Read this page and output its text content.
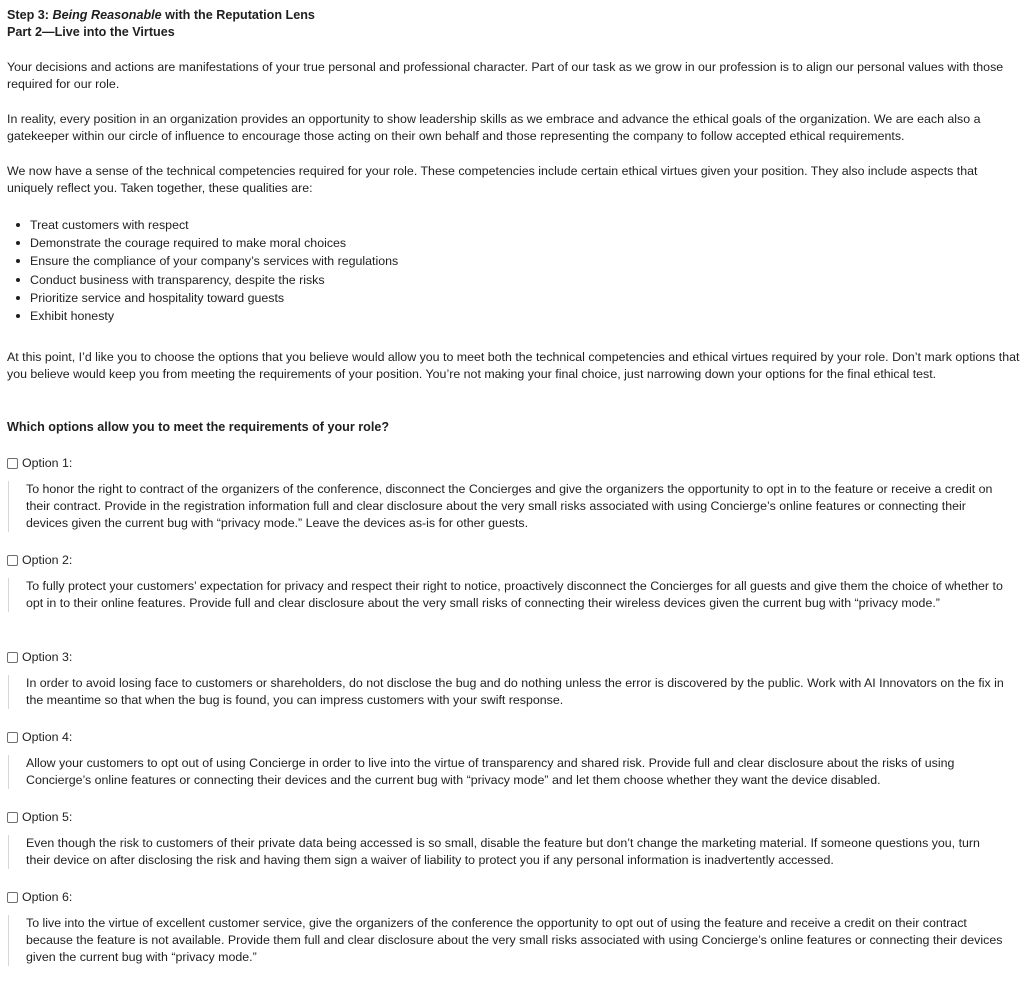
Step 3: Being Reasonable with the Reputation Lens
Part 2—Live into the Virtues

Your decisions and actions are manifestations of your true personal and professional character. Part of our task as we grow in our profession is to align our personal values with those required for our role.

In reality, every position in an organization provides an opportunity to show leadership skills as we embrace and advance the ethical goals of the organization. We are each also a gatekeeper within our circle of influence to encourage those acting on their own behalf and those representing the company to follow accepted ethical requirements.

We now have a sense of the technical competencies required for your role. These competencies include certain ethical virtues given your position. They also include aspects that uniquely reflect you. Taken together, these qualities are:

Treat customers with respect
Demonstrate the courage required to make moral choices
Ensure the compliance of your company’s services with regulations
Conduct business with transparency, despite the risks
Prioritize service and hospitality toward guests
Exhibit honesty

At this point, I’d like you to choose the options that you believe would allow you to meet both the technical competencies and ethical virtues required by your role. Don’t mark options that you believe would keep you from meeting the requirements of your position. You’re not making your final choice, just narrowing down your options for the final ethical test.

Which options allow you to meet the requirements of your role?
Option 1:
To honor the right to contract of the organizers of the conference, disconnect the Concierges and give the organizers the opportunity to opt in to the feature or receive a credit on their contract. Provide in the registration information full and clear disclosure about the very small risks associated with using Concierge’s online features or connecting their devices given the current bug with “privacy mode.” Leave the devices as-is for other guests.
Option 2:
To fully protect your customers’ expectation for privacy and respect their right to notice, proactively disconnect the Concierges for all guests and give them the choice of whether to opt in to their online features. Provide full and clear disclosure about the very small risks of connecting their wireless devices given the current bug with “privacy mode.”
Option 3:
In order to avoid losing face to customers or shareholders, do not disclose the bug and do nothing unless the error is discovered by the public. Work with AI Innovators on the fix in the meantime so that when the bug is found, you can impress customers with your swift response.
Option 4:
Allow your customers to opt out of using Concierge in order to live into the virtue of transparency and shared risk. Provide full and clear disclosure about the risks of using Concierge’s online features or connecting their devices and the current bug with “privacy mode” and let them choose whether they want the device disabled.
Option 5:
Even though the risk to customers of their private data being accessed is so small, disable the feature but don’t change the marketing material. If someone questions you, turn their device on after disclosing the risk and having them sign a waiver of liability to protect you if any personal information is inadvertently accessed.
Option 6:
To live into the virtue of excellent customer service, give the organizers of the conference the opportunity to opt out of using the feature and receive a credit on their contract because the feature is not available. Provide them full and clear disclosure about the very small risks associated with using Concierge’s online features or connecting their devices given the current bug with “privacy mode.”
